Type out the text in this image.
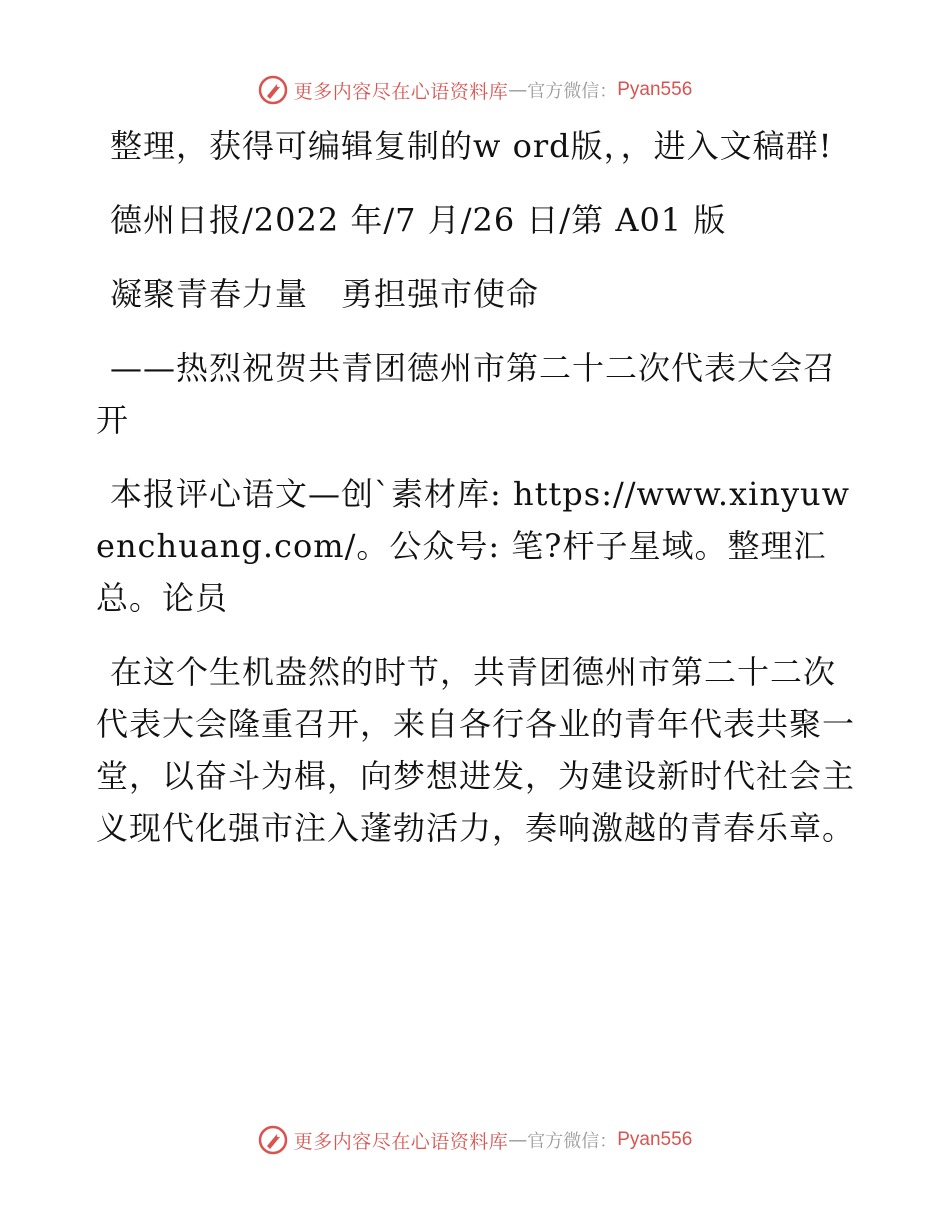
更多内容尽在心语资料库 — 官方微信： Pyan556

整理，获得可编辑复制的w ord版，，进入文稿群!

德州日报/2022 年/7 月/26 日/第 A01 版

凝聚青春力量　勇担强市使命

——热烈祝贺共青团德州市第二十二次代表大会召开

本报评心语文—创`素材库: https://www.xinyuwenchuang.com/。公众号: 笔?杆子星域。整理汇总。论员

在这个生机盎然的时节，共青团德州市第二十二次代表大会隆重召开，来自各行各业的青年代表共聚一堂，以奋斗为楫，向梦想进发，为建设新时代社会主义现代化强市注入蓬勃活力，奏响激越的青春乐章。

更多内容尽在心语资料库 — 官方微信： Pyan556
